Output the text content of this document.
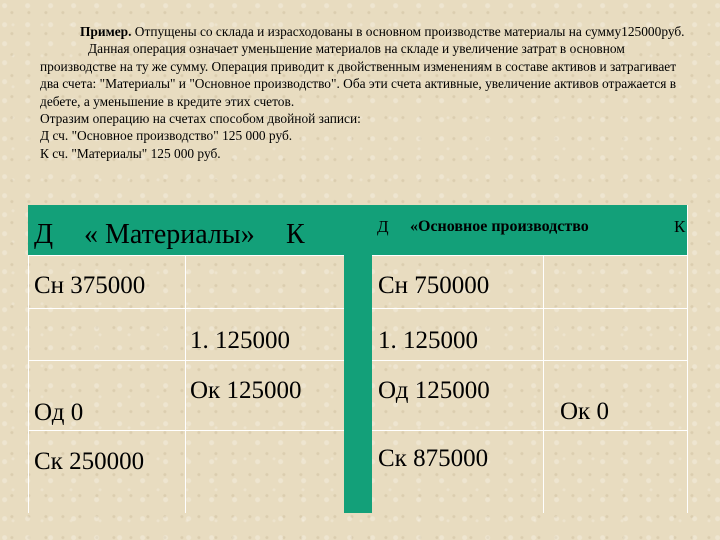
Пример. Отпущены со склада и израсходованы в основном производстве материалы на сумму125000руб.

Данная операция означает уменьшение материалов на складе и увеличение затрат в основном производстве на ту же сумму. Операция приводит к двойственным изменениям в составе активов и затрагивает два счета: "Материалы" и "Основное производство". Оба эти счета активные, увеличение активов отражается в дебете, а уменьшение в кредите этих счетов.

Отразим операцию на счетах способом двойной записи:

Д сч. "Основное производство" 125 000 руб.

К сч. "Материалы" 125 000 руб.

Д « Материалы» К
Сн 375000
1. 125000
Од 0
Ок 125000
Ск 250000
Д «Основное производство	К
Сн 750000
1. 125000
Од 125000
Ок 0
Ск 875000
